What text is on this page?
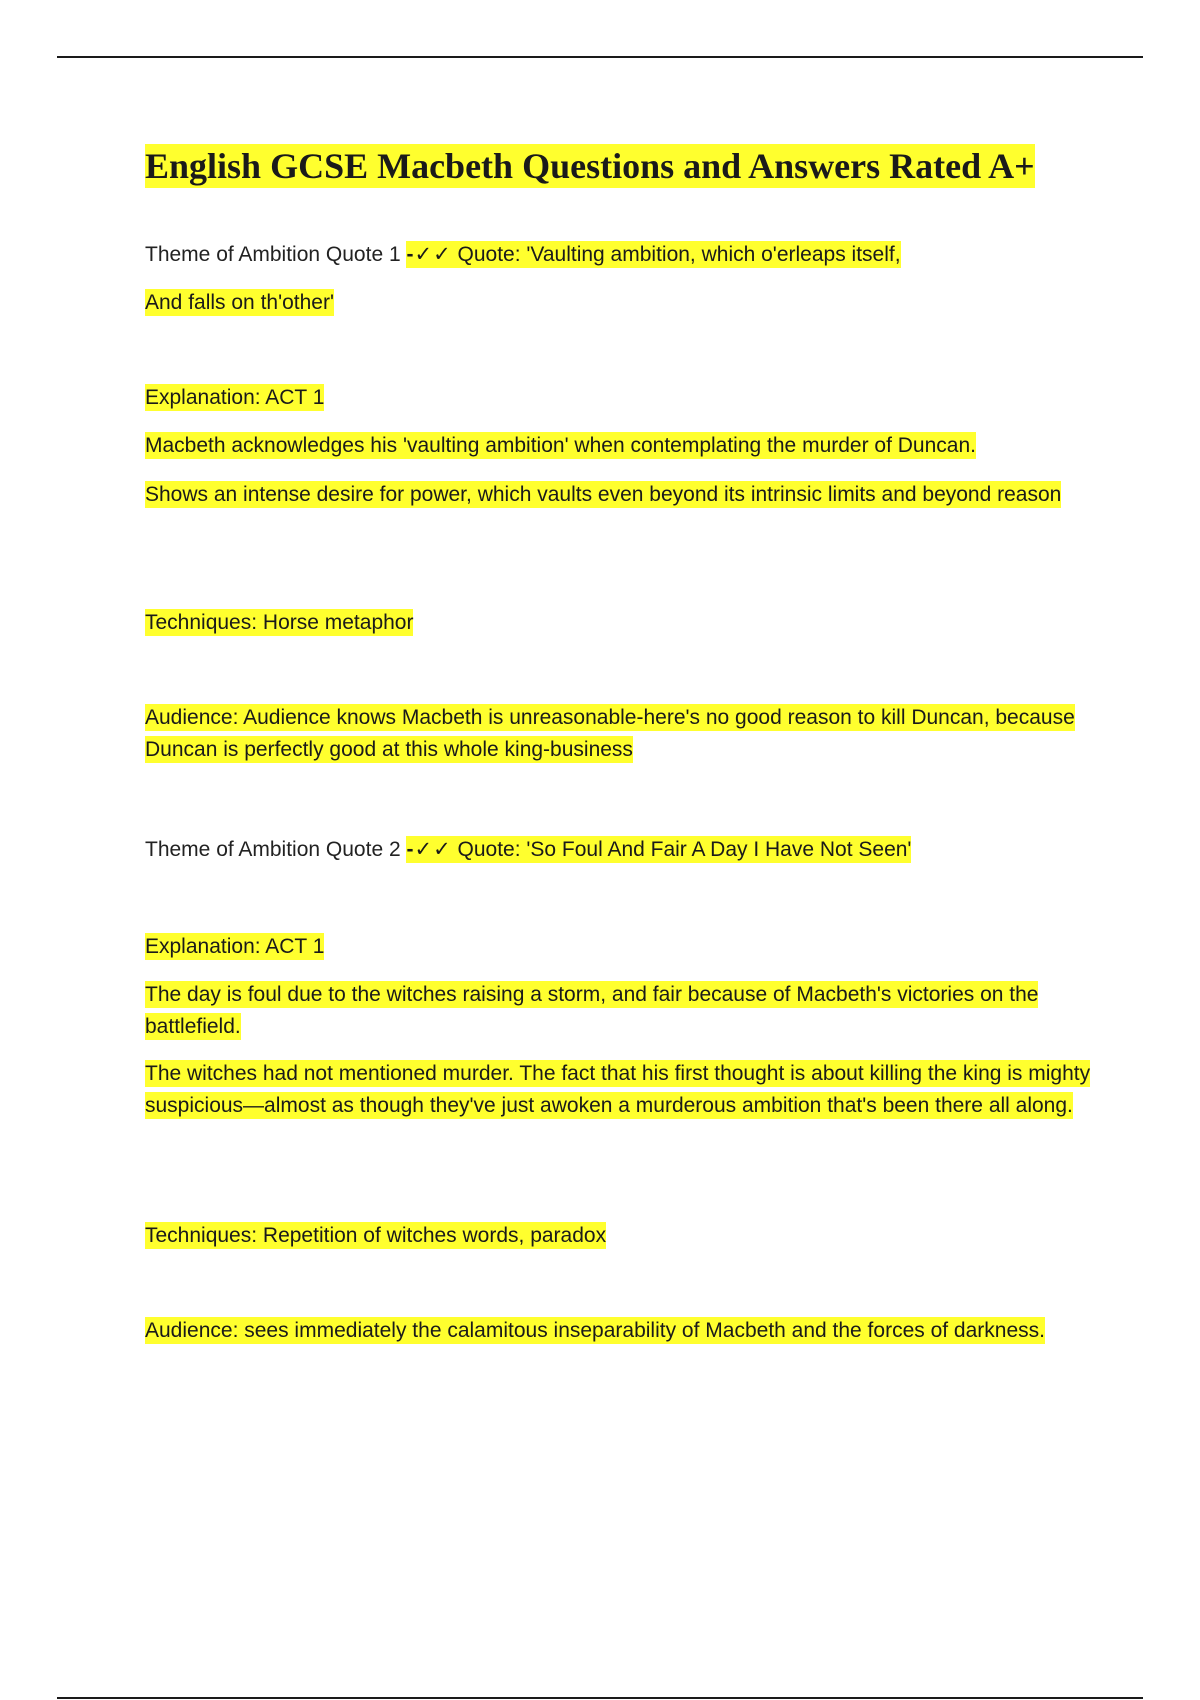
English GCSE Macbeth Questions and Answers Rated A+

Theme of Ambition Quote 1 -✓✓ Quote: 'Vaulting ambition, which o'erleaps itself,

And falls on th'other'

Explanation: ACT 1

Macbeth acknowledges his 'vaulting ambition' when contemplating the murder of Duncan.

Shows an intense desire for power, which vaults even beyond its intrinsic limits and beyond reason

Techniques: Horse metaphor

Audience: Audience knows Macbeth is unreasonable-here's no good reason to kill Duncan, because Duncan is perfectly good at this whole king-business

Theme of Ambition Quote 2 -✓✓ Quote: 'So Foul And Fair A Day I Have Not Seen'

Explanation: ACT 1

The day is foul due to the witches raising a storm, and fair because of Macbeth's victories on the battlefield.

The witches had not mentioned murder. The fact that his first thought is about killing the king is mighty suspicious—almost as though they've just awoken a murderous ambition that's been there all along.

Techniques: Repetition of witches words, paradox

Audience: sees immediately the calamitous inseparability of Macbeth and the forces of darkness.
